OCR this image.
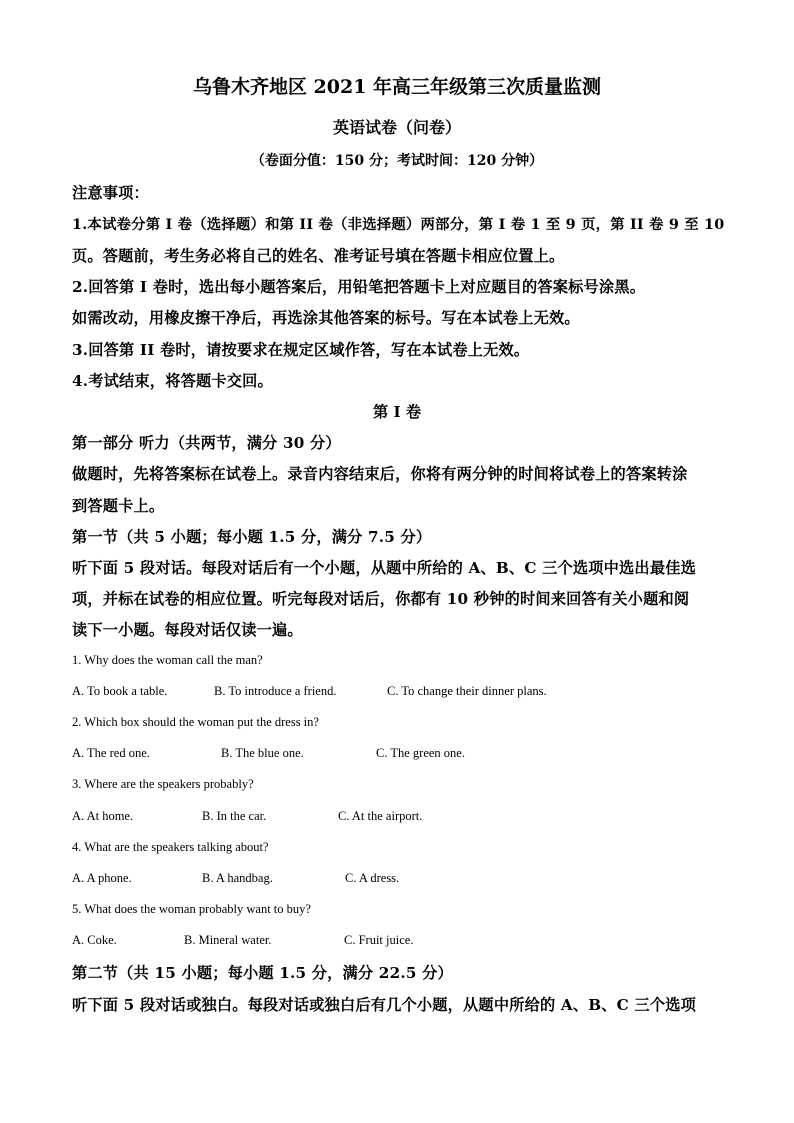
乌鲁木齐地区 2021 年高三年级第三次质量监测
英语试卷（问卷）
（卷面分值：150 分；考试时间：120 分钟）
注意事项：
1.本试卷分第 I 卷（选择题）和第 II 卷（非选择题）两部分，第 I 卷 1 至 9 页，第 II 卷 9 至 10
页。答题前，考生务必将自己的姓名、准考证号填在答题卡相应位置上。
2.回答第 I 卷时，选出每小题答案后，用铅笔把答题卡上对应题目的答案标号涂黑。
如需改动，用橡皮擦干净后，再选涂其他答案的标号。写在本试卷上无效。
3.回答第 II 卷时，请按要求在规定区域作答，写在本试卷上无效。
4.考试结束，将答题卡交回。
第 I 卷
第一部分 听力（共两节，满分 30 分）
做题时，先将答案标在试卷上。录音内容结束后，你将有两分钟的时间将试卷上的答案转涂
到答题卡上。
第一节（共 5 小题；每小题 1.5 分，满分 7.5 分）
听下面 5 段对话。每段对话后有一个小题，从题中所给的 A、B、C 三个选项中选出最佳选
项，并标在试卷的相应位置。听完每段对话后，你都有 10 秒钟的时间来回答有关小题和阅
读下一小题。每段对话仅读一遍。
1. Why does the woman call the man?
A. To book a table.	B. To introduce a friend.	C. To change their dinner plans.
2. Which box should the woman put the dress in?
A. The red one.	B. The blue one.	C. The green one.
3. Where are the speakers probably?
A. At home.	B. In the car.	C. At the airport.
4. What are the speakers talking about?
A. A phone.	B. A handbag.	C. A dress.
5. What does the woman probably want to buy?
A. Coke.	B. Mineral water.	C. Fruit juice.
第二节（共 15 小题；每小题 1.5 分，满分 22.5 分）
听下面 5 段对话或独白。每段对话或独白后有几个小题，从题中所给的 A、B、C 三个选项
